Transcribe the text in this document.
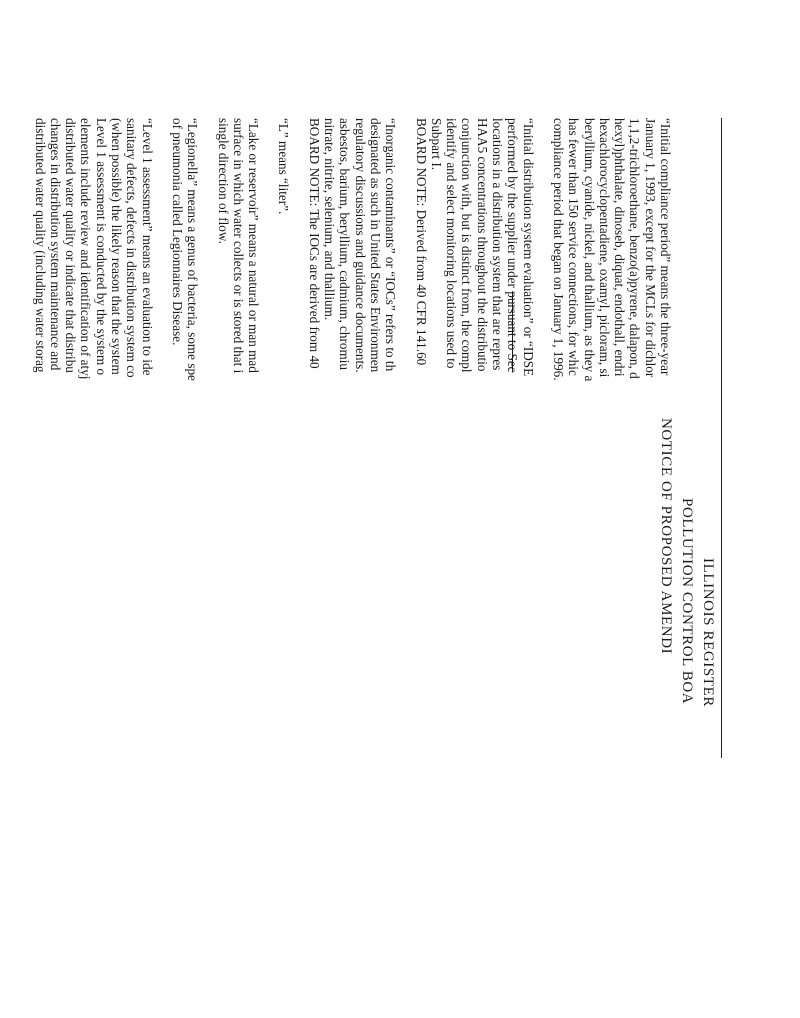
ILLINOIS REGISTER
POLLUTION CONTROL BOA
NOTICE OF PROPOSED AMENDI
“Initial compliance period” means the three-year
January 1, 1993, except for the MCLs for dichlor
1,1,2-trichloroethane, benzo(a)pyrene, dalapon, d
hexyl)phthalate, dinoseb, diquat, endothall, endri
hexachlorocyclopentadiene, oxamyl, picloram, si
beryllium, cyanide, nickel, and thallium, as they a
has fewer than 150 service connections, for whic
compliance period that began on January 1, 1996.
“Initial distribution system evaluation” or “IDSE
performed by the supplier under pursuant to Sec
locations in a distribution system that are repres
HAA5 concentrations throughout the distributio
conjunction with, but is distinct from, the compl
identify and select monitoring locations used to
Subpart I.
BOARD NOTE: Derived from 40 CFR 141.60
“Inorganic contaminants” or “IOCs” refers to th
designated as such in United States Environmen
regulatory discussions and guidance documents.
asbestos, barium, beryllium, cadmium, chromiu
nitrate, nitrite, selenium, and thallium.
BOARD NOTE: The IOCs are derived from 40
“L” means “liter”.
“Lake or reservoir” means a natural or man mad
surface in which water collects or is stored that i
single direction of flow.
“Legionella” means a genus of bacteria, some spe
of pneumonia called Legionnaires Disease.
“Level 1 assessment” means an evaluation to ide
sanitary defects, defects in distribution system co
(when possible) the likely reason that the system
Level 1 assessment is conducted by the system o
elements include review and identification of atyj
distributed water quality or indicate that distribu
changes in distribution system maintenance and
distributed water quality (including water storag
